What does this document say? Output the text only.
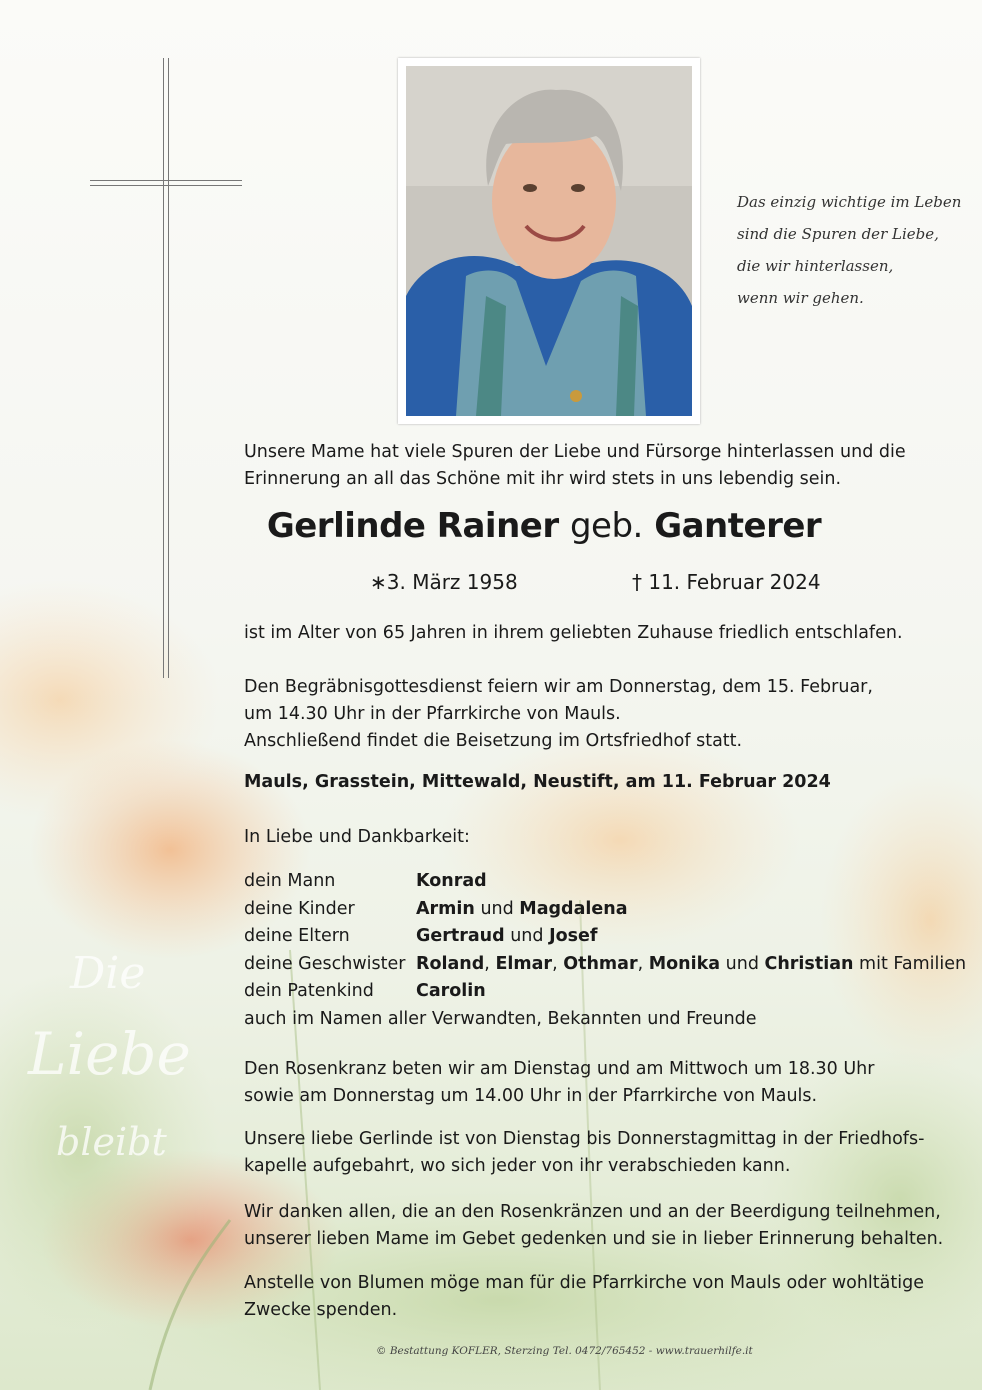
Das einzig wichtige im Leben
sind die Spuren der Liebe,
die wir hinterlassen,
wenn wir gehen.
Unsere Mame hat viele Spuren der Liebe und Fürsorge hinterlassen und die
Erinnerung an all das Schöne mit ihr wird stets in uns lebendig sein.
Gerlinde Rainer geb. Ganterer
∗3. März 1958	† 11. Februar 2024
ist im Alter von 65 Jahren in ihrem geliebten Zuhause friedlich entschlafen.
Den Begräbnisgottesdienst feiern wir am Donnerstag, dem 15. Februar,
um 14.30 Uhr in der Pfarrkirche von Mauls.
Anschließend findet die Beisetzung im Ortsfriedhof statt.
Mauls, Grasstein, Mittewald, Neustift, am 11. Februar 2024
In Liebe und Dankbarkeit:
dein Mann	Konrad
deine Kinder	Armin und Magdalena
deine Eltern	Gertraud und Josef
deine Geschwister Roland, Elmar, Othmar, Monika und Christian mit Familien
dein Patenkind Carolin
auch im Namen aller Verwandten, Bekannten und Freunde
Den Rosenkranz beten wir am Dienstag und am Mittwoch um 18.30 Uhr
sowie am Donnerstag um 14.00 Uhr in der Pfarrkirche von Mauls.
Unsere liebe Gerlinde ist von Dienstag bis Donnerstagmittag in der Friedhofs-
kapelle aufgebahrt, wo sich jeder von ihr verabschieden kann.
Wir danken allen, die an den Rosenkränzen und an der Beerdigung teilnehmen,
unserer lieben Mame im Gebet gedenken und sie in lieber Erinnerung behalten.
Anstelle von Blumen möge man für die Pfarrkirche von Mauls oder wohltätige
Zwecke spenden.
Die
Liebe
bleibt
© Bestattung KOFLER, Sterzing Tel. 0472/765452 - www.trauerhilfe.it
